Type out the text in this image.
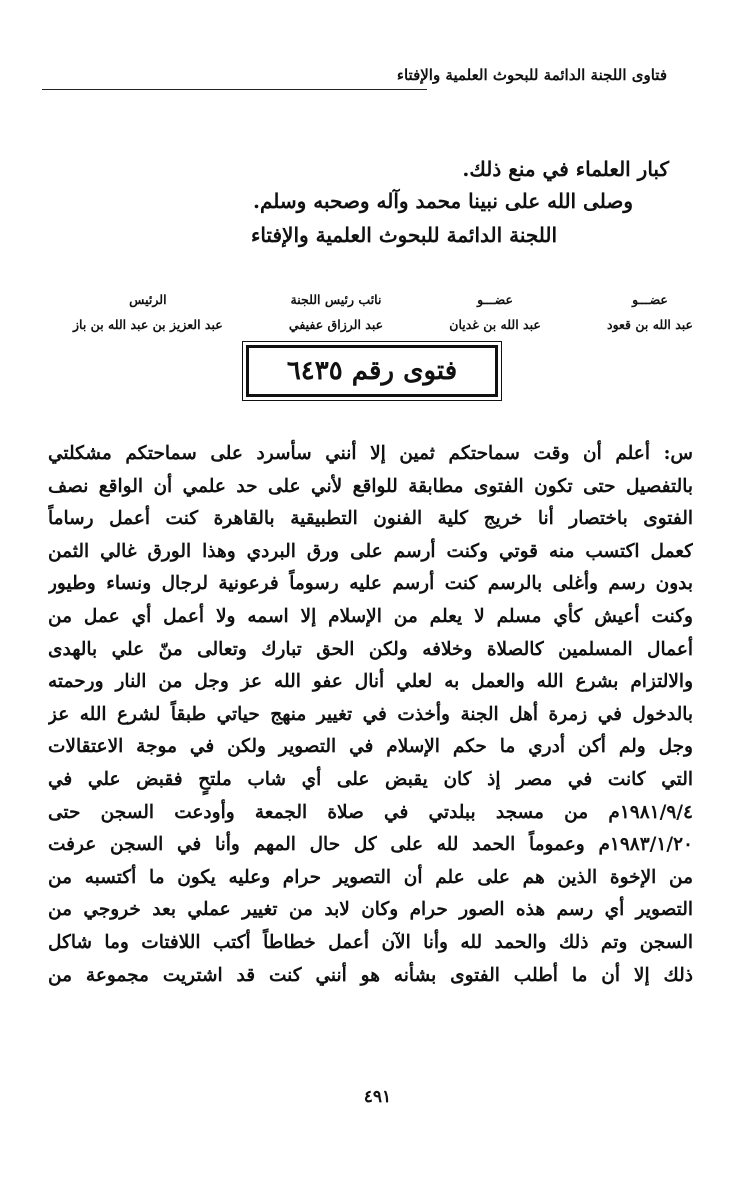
فتاوى اللجنة الدائمة للبحوث العلمية والإفتاء

كبار العلماء في منع ذلك.

وصلى الله على نبينا محمد وآله وصحبه وسلم.

اللجنة الدائمة للبحوث العلمية والإفتاء

عضـــو
عبد الله بن قعود
عضـــو
عبد الله بن غديان
نائب رئيس اللجنة
عبد الرزاق عفيفي
الرئيس
عبد العزيز بن عبد الله بن باز
فتوى رقم ٦٤٣٥
س: أعلم أن وقت سماحتكم ثمين إلا أنني سأسرد على سماحتكم مشكلتي
بالتفصيل حتى تكون الفتوى مطابقة للواقع لأني على حد علمي أن الواقع نصف
الفتوى باختصار أنا خريج كلية الفنون التطبيقية بالقاهرة كنت أعمل رساماً
كعمل اكتسب منه قوتي وكنت أرسم على ورق البردي وهذا الورق غالي الثمن
بدون رسم وأغلى بالرسم كنت أرسم عليه رسوماً فرعونية لرجال ونساء وطيور
وكنت أعيش كأي مسلم لا يعلم من الإسلام إلا اسمه ولا أعمل أي عمل من
أعمال المسلمين كالصلاة وخلافه ولكن الحق تبارك وتعالى منّ علي بالهدى
والالتزام بشرع الله والعمل به لعلي أنال عفو الله عز وجل من النار ورحمته
بالدخول في زمرة أهل الجنة وأخذت في تغيير منهج حياتي طبقاً لشرع الله عز
وجل ولم أكن أدري ما حكم الإسلام في التصوير ولكن في موجة الاعتقالات
التي كانت في مصر إذ كان يقبض على أي شاب ملتحٍ فقبض علي في
١٩٨١/٩/٤م من مسجد ببلدتي في صلاة الجمعة وأودعت السجن حتى
١٩٨٣/١/٢٠م وعموماً الحمد لله على كل حال المهم وأنا في السجن عرفت
من الإخوة الذين هم على علم أن التصوير حرام وعليه يكون ما أكتسبه من
التصوير أي رسم هذه الصور حرام وكان لابد من تغيير عملي بعد خروجي من
السجن وتم ذلك والحمد لله وأنا الآن أعمل خطاطاً أكتب اللافتات وما شاكل
ذلك إلا أن ما أطلب الفتوى بشأنه هو أنني كنت قد اشتريت مجموعة من
٤٩١
